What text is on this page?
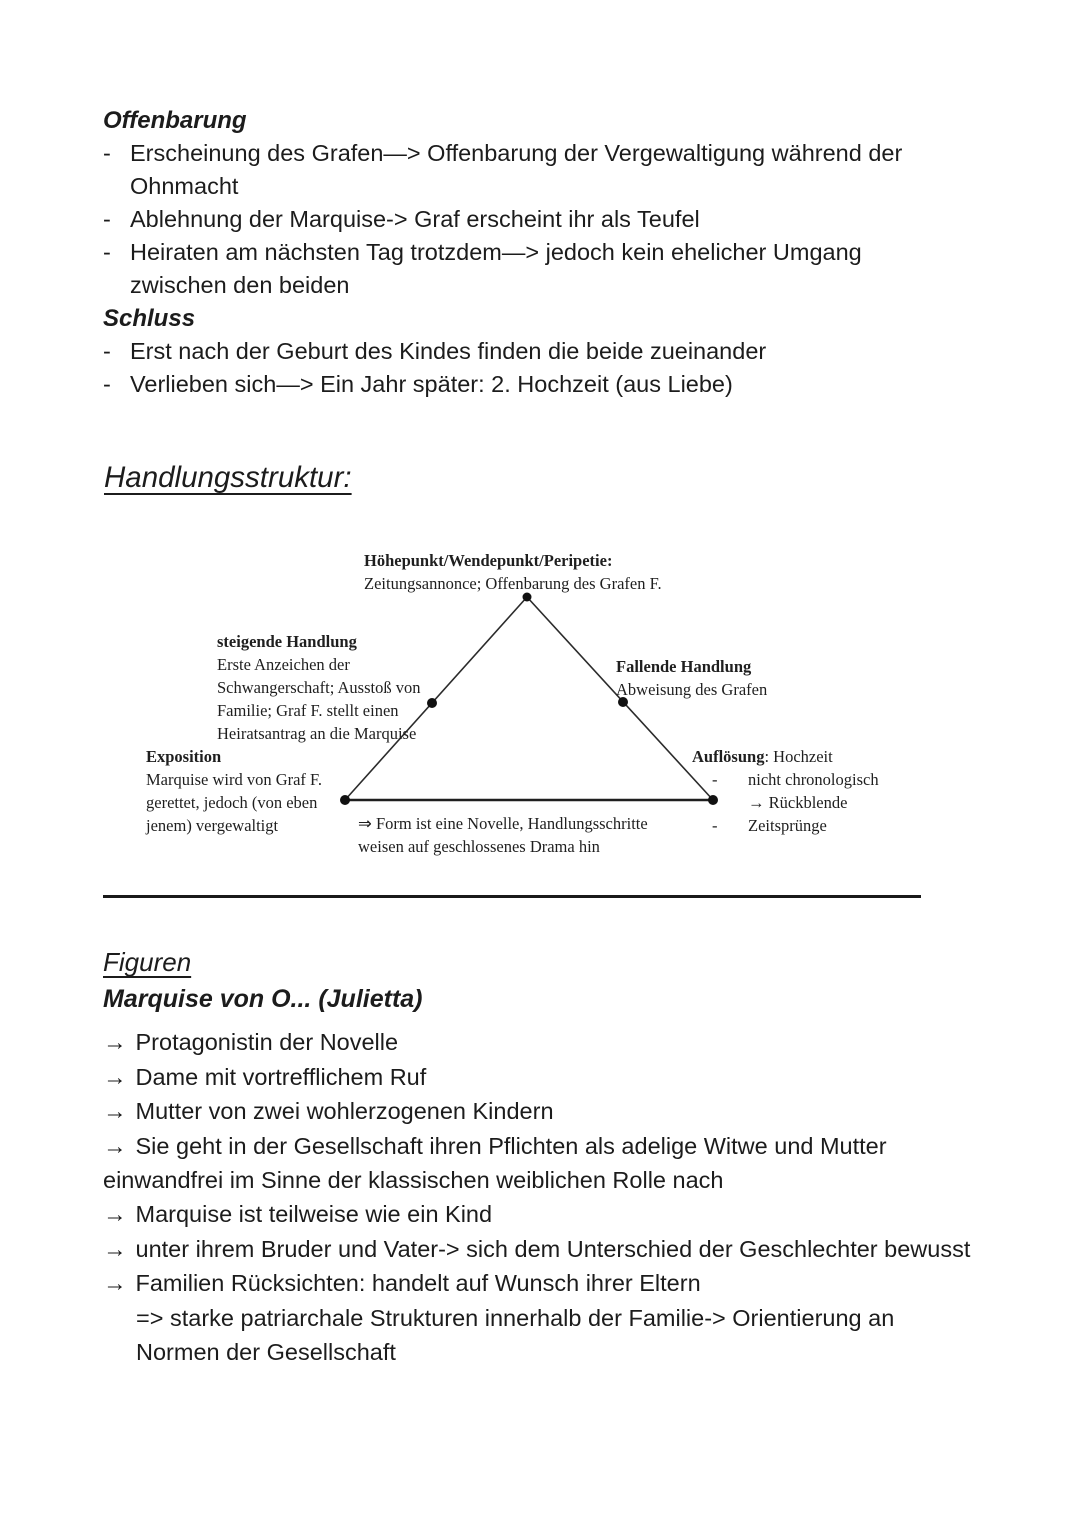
Offenbarung
- Erscheinung des Grafen—> Offenbarung der Vergewaltigung während der Ohnmacht
- Ablehnung der Marquise-> Graf erscheint ihr als Teufel
- Heiraten am nächsten Tag trotzdem—> jedoch kein ehelicher Umgang zwischen den beiden
Schluss
- Erst nach der Geburt des Kindes finden die beide zueinander
- Verlieben sich—> Ein Jahr später: 2. Hochzeit (aus Liebe)
Handlungsstruktur:
Höhepunkt/Wendepunkt/Peripetie:
Zeitungsannonce; Offenbarung des Grafen F.
steigende Handlung
Erste Anzeichen der
Schwangerschaft; Ausstoß von
Familie; Graf F. stellt einen
Heiratsantrag an die Marquise
Exposition
Marquise wird von Graf F.
gerettet, jedoch (von eben
jenem) vergewaltigt
Fallende Handlung
Abweisung des Grafen
Auflösung: Hochzeit
-	nicht chronologisch
→ Rückblende
-	Zeitsprünge
⇒ Form ist eine Novelle, Handlungsschritte
weisen auf geschlossenes Drama hin
Figuren
Marquise von O... (Julietta)

→ Protagonistin der Novelle

→ Dame mit vortrefflichem Ruf

→ Mutter von zwei wohlerzogenen Kindern

→ Sie geht in der Gesellschaft ihren Pflichten als adelige Witwe und Mutter einwandfrei im Sinne der klassischen weiblichen Rolle nach

→ Marquise ist teilweise wie ein Kind

→ unter ihrem Bruder und Vater-> sich dem Unterschied der Geschlechter bewusst

→ Familien Rücksichten: handelt auf Wunsch ihrer Eltern

=> starke patriarchale Strukturen innerhalb der Familie-> Orientierung an Normen der Gesellschaft
